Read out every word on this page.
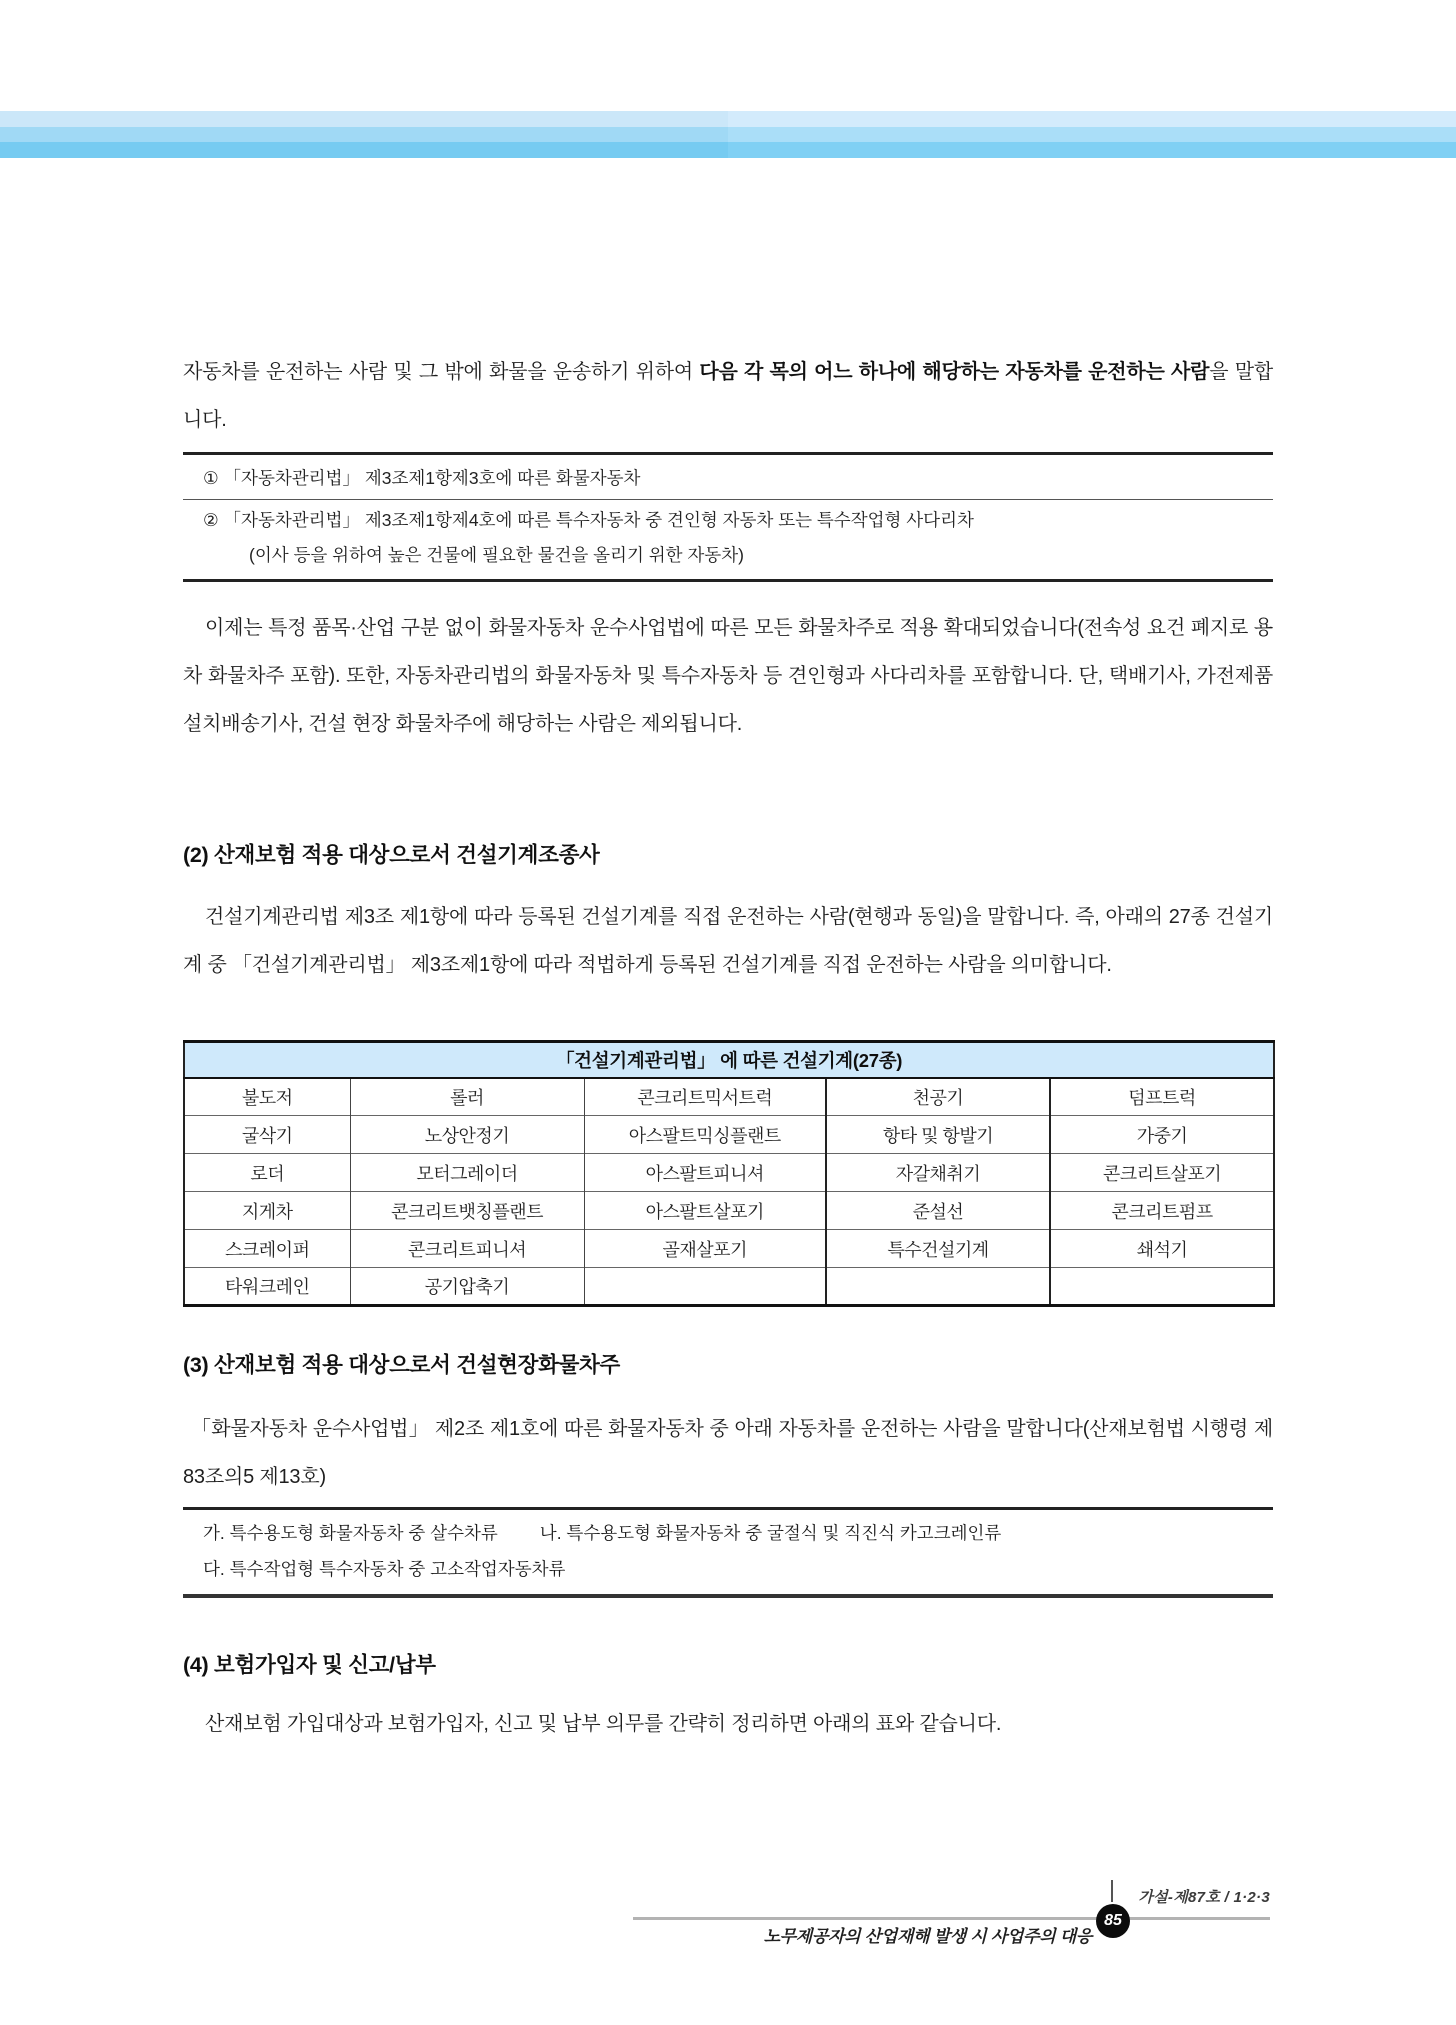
자동차를 운전하는 사람 및 그 밖에 화물을 운송하기 위하여 다음 각 목의 어느 하나에 해당하는 자동차를 운전하는 사람을 말합니다.

① 「자동차관리법」 제3조제1항제3호에 따른 화물자동차
② 「자동차관리법」 제3조제1항제4호에 따른 특수자동차 중 견인형 자동차 또는 특수작업형 사다리차
(이사 등을 위하여 높은 건물에 필요한 물건을 올리기 위한 자동차)

이제는 특정 품목·산업 구분 없이 화물자동차 운수사업법에 따른 모든 화물차주로 적용 확대되었습니다(전속성 요건 폐지로 용차 화물차주 포함). 또한, 자동차관리법의 화물자동차 및 특수자동차 등 견인형과 사다리차를 포함합니다. 단, 택배기사, 가전제품설치배송기사, 건설 현장 화물차주에 해당하는 사람은 제외됩니다.

(2) 산재보험 적용 대상으로서 건설기계조종사

건설기계관리법 제3조 제1항에 따라 등록된 건설기계를 직접 운전하는 사람(현행과 동일)을 말합니다. 즉, 아래의 27종 건설기계 중 「건설기계관리법」 제3조제1항에 따라 적법하게 등록된 건설기계를 직접 운전하는 사람을 의미합니다.

「건설기계관리법」 에 따른 건설기계(27종)				
불도저	롤러	콘크리트믹서트럭	천공기	덤프트럭
굴삭기	노상안정기	아스팔트믹싱플랜트	항타 및 항발기	가중기
로더	모터그레이더	아스팔트피니셔	자갈채취기	콘크리트살포기
지게차	콘크리트뱃칭플랜트	아스팔트살포기	준설선	콘크리트펌프
스크레이퍼	콘크리트피니셔	골재살포기	특수건설기계	쇄석기
타워크레인	공기압축기			
(3) 산재보험 적용 대상으로서 건설현장화물차주

「화물자동차 운수사업법」 제2조 제1호에 따른 화물자동차 중 아래 자동차를 운전하는 사람을 말합니다(산재보험법 시행령 제83조의5 제13호)

가. 특수용도형 화물자동차 중 살수차류 나. 특수용도형 화물자동차 중 굴절식 및 직진식 카고크레인류
다. 특수작업형 특수자동차 중 고소작업자동차류
(4) 보험가입자 및 신고/납부

산재보험 가입대상과 보험가입자, 신고 및 납부 의무를 간략히 정리하면 아래의 표와 같습니다.

가설-제87호 / 1·2·3
85
노무제공자의 산업재해 발생 시 사업주의 대응
